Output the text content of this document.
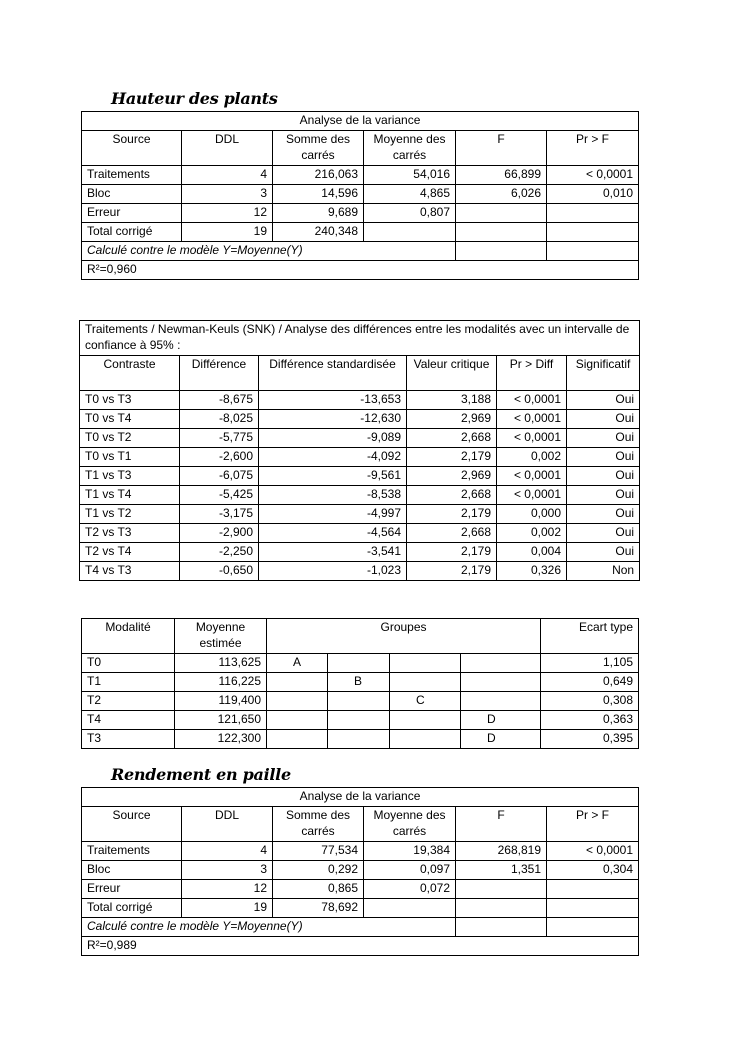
Hauteur des plants
Analyse de la variance					
Source	DDL	Somme des carrés	Moyenne des carrés	F	Pr > F
Traitements	4	216,063	54,016	66,899	< 0,0001
Bloc	3	14,596	4,865	6,026	0,010
Erreur	12	9,689	0,807		
Total corrigé	19	240,348			
Calculé contre le modèle Y=Moyenne(Y)					
R²=0,960					
Traitements / Newman-Keuls (SNK) / Analyse des différences entre les modalités avec un intervalle de confiance à 95% :					
Contraste	Différence	Différence standardisée	Valeur critique	Pr > Diff	Significatif
T0 vs T3	-8,675	-13,653	3,188	< 0,0001	Oui
T0 vs T4	-8,025	-12,630	2,969	< 0,0001	Oui
T0 vs T2	-5,775	-9,089	2,668	< 0,0001	Oui
T0 vs T1	-2,600	-4,092	2,179	0,002	Oui
T1 vs T3	-6,075	-9,561	2,969	< 0,0001	Oui
T1 vs T4	-5,425	-8,538	2,668	< 0,0001	Oui
T1 vs T2	-3,175	-4,997	2,179	0,000	Oui
T2 vs T3	-2,900	-4,564	2,668	0,002	Oui
T2 vs T4	-2,250	-3,541	2,179	0,004	Oui
T4 vs T3	-0,650	-1,023	2,179	0,326	Non
Modalité	Moyenne estimée	Groupes				Ecart type
T0	113,625	A				1,105
T1	116,225		B			0,649
T2	119,400			C		0,308
T4	121,650				D	0,363
T3	122,300				D	0,395
Rendement en paille
Analyse de la variance					
Source	DDL	Somme des carrés	Moyenne des carrés	F	Pr > F
Traitements	4	77,534	19,384	268,819	< 0,0001
Bloc	3	0,292	0,097	1,351	0,304
Erreur	12	0,865	0,072		
Total corrigé	19	78,692			
Calculé contre le modèle Y=Moyenne(Y)					
R²=0,989					
